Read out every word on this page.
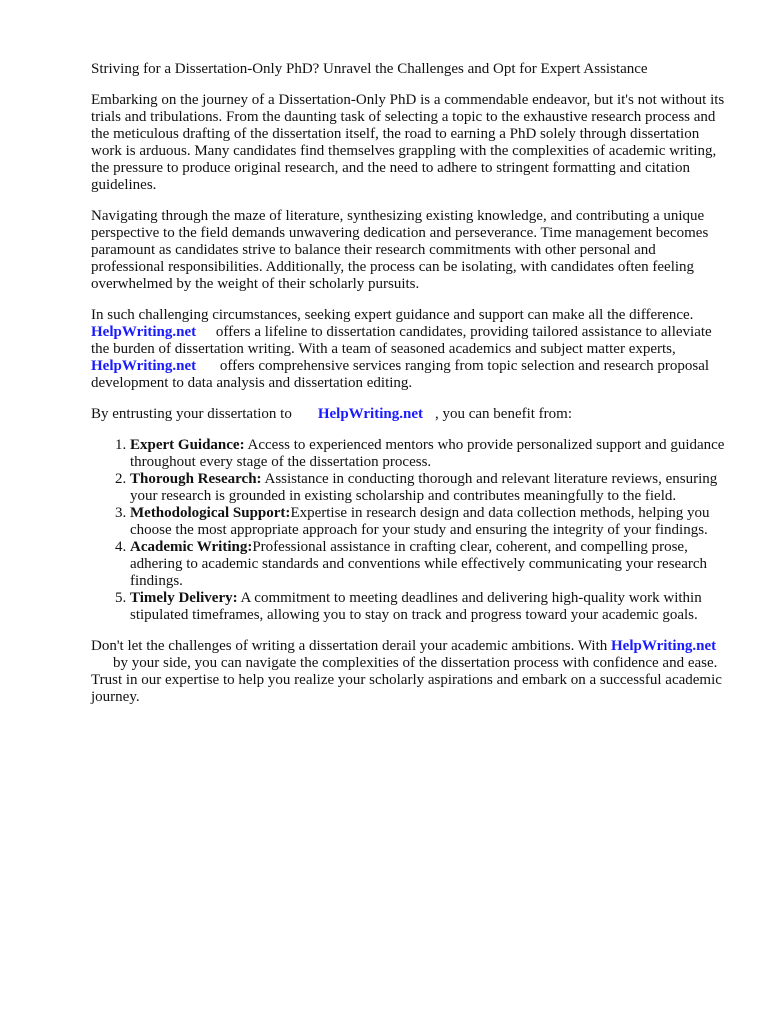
Striving for a Dissertation-Only PhD? Unravel the Challenges and Opt for Expert Assistance

Embarking on the journey of a Dissertation-Only PhD is a commendable endeavor, but it's not without its trials and tribulations. From the daunting task of selecting a topic to the exhaustive research process and the meticulous drafting of the dissertation itself, the road to earning a PhD solely through dissertation work is arduous. Many candidates find themselves grappling with the complexities of academic writing, the pressure to produce original research, and the need to adhere to stringent formatting and citation guidelines.

Navigating through the maze of literature, synthesizing existing knowledge, and contributing a unique perspective to the field demands unwavering dedication and perseverance. Time management becomes paramount as candidates strive to balance their research commitments with other personal and professional responsibilities. Additionally, the process can be isolating, with candidates often feeling overwhelmed by the weight of their scholarly pursuits.

In such challenging circumstances, seeking expert guidance and support can make all the difference. HelpWriting.net offers a lifeline to dissertation candidates, providing tailored assistance to alleviate the burden of dissertation writing. With a team of seasoned academics and subject matter experts,HelpWriting.net offers comprehensive services ranging from topic selection and research proposal development to data analysis and dissertation editing.

By entrusting your dissertation to HelpWriting.net , you can benefit from:

1. Expert Guidance: Access to experienced mentors who provide personalized support and guidance throughout every stage of the dissertation process.
2. Thorough Research: Assistance in conducting thorough and relevant literature reviews, ensuring your research is grounded in existing scholarship and contributes meaningfully to the field.
3. Methodological Support:Expertise in research design and data collection methods, helping you choose the most appropriate approach for your study and ensuring the integrity of your findings.
4. Academic Writing:Professional assistance in crafting clear, coherent, and compelling prose, adhering to academic standards and conventions while effectively communicating your research findings.
5. Timely Delivery: A commitment to meeting deadlines and delivering high-quality work within stipulated timeframes, allowing you to stay on track and progress toward your academic goals.

Don't let the challenges of writing a dissertation derail your academic ambitions. With HelpWriting.netby your side, you can navigate the complexities of the dissertation process with confidence and ease. Trust in our expertise to help you realize your scholarly aspirations and embark on a successful academic journey.
